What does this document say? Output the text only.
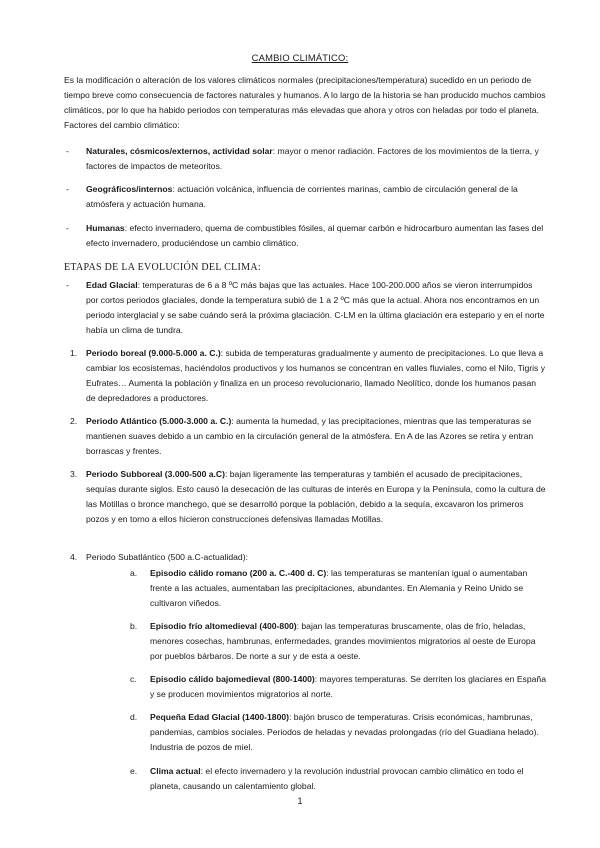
CAMBIO CLIMÁTICO:
Es la modificación o alteración de los valores climáticos normales (precipitaciones/temperatura) sucedido en un periodo de tiempo breve como consecuencia de factores naturales y humanos. A lo largo de la historia se han producido muchos cambios climáticos, por lo que ha habido periodos con temperaturas más elevadas que ahora y otros con heladas por todo el planeta. Factores del cambio climático:
- Naturales, cósmicos/externos, actividad solar: mayor o menor radiación. Factores de los movimientos de la tierra, y factores de impactos de meteoritos.
- Geográficos/internos: actuación volcánica, influencia de corrientes marinas, cambio de circulación general de la atmósfera y actuación humana.
- Humanas: efecto invernadero, quema de combustibles fósiles, al quemar carbón e hidrocarburo aumentan las fases del efecto invernadero, produciéndose un cambio climático.
ETAPAS DE LA EVOLUCIÓN DEL CLIMA:
- Edad Glacial: temperaturas de 6 a 8 ºC más bajas que las actuales. Hace 100-200.000 años se vieron interrumpidos por cortos periodos glaciales, donde la temperatura subió de 1 a 2 ºC más que la actual. Ahora nos encontramos en un periodo interglacial y se sabe cuándo será la próxima glaciación. C-LM en la última glaciación era estepario y en el norte había un clima de tundra.
1. Periodo boreal (9.000-5.000 a. C.): subida de temperaturas gradualmente y aumento de precipitaciones. Lo que lleva a cambiar los ecosistemas, haciéndolos productivos y los humanos se concentran en valles fluviales, como el Nilo, Tigris y Eufrates… Aumenta la población y finaliza en un proceso revolucionario, llamado Neolítico, donde los humanos pasan de depredadores a productores.
2. Periodo Atlántico (5.000-3.000 a. C.): aumenta la humedad, y las precipitaciones, mientras que las temperaturas se mantienen suaves debido a un cambio en la circulación general de la atmósfera. En A de las Azores se retira y entran borrascas y frentes.
3. Periodo Subboreal (3.000-500 a.C): bajan ligeramente las temperaturas y también el acusado de precipitaciones, sequías durante siglos. Esto causó la desecación de las culturas de interés en Europa y la Península, como la cultura de las Motillas o bronce manchego, que se desarrolló porque la población, debido a la sequía, excavaron los primeros pozos y en torno a ellos hicieron construcciones defensivas llamadas Motillas.
4. Periodo Subatlántico (500 a.C-actualidad):
a. Episodio cálido romano (200 a. C.-400 d. C): las temperaturas se mantenían igual o aumentaban frente a las actuales, aumentaban las precipitaciones, abundantes. En Alemania y Reino Unido se cultivaron viñedos.
b. Episodio frío altomedieval (400-800): bajan las temperaturas bruscamente, olas de frío, heladas, menores cosechas, hambrunas, enfermedades, grandes movimientos migratorios al oeste de Europa por pueblos bárbaros. De norte a sur y de esta a oeste.
c. Episodio cálido bajomedieval (800-1400): mayores temperaturas. Se derriten los glaciares en España y se producen movimientos migratorios al norte.
d. Pequeña Edad Glacial (1400-1800): bajón brusco de temperaturas. Crisis económicas, hambrunas, pandemias, cambios sociales. Periodos de heladas y nevadas prolongadas (río del Guadiana helado). Industria de pozos de miel.
e. Clima actual: el efecto invernadero y la revolución industrial provocan cambio climático en todo el planeta, causando un calentamiento global.
1
